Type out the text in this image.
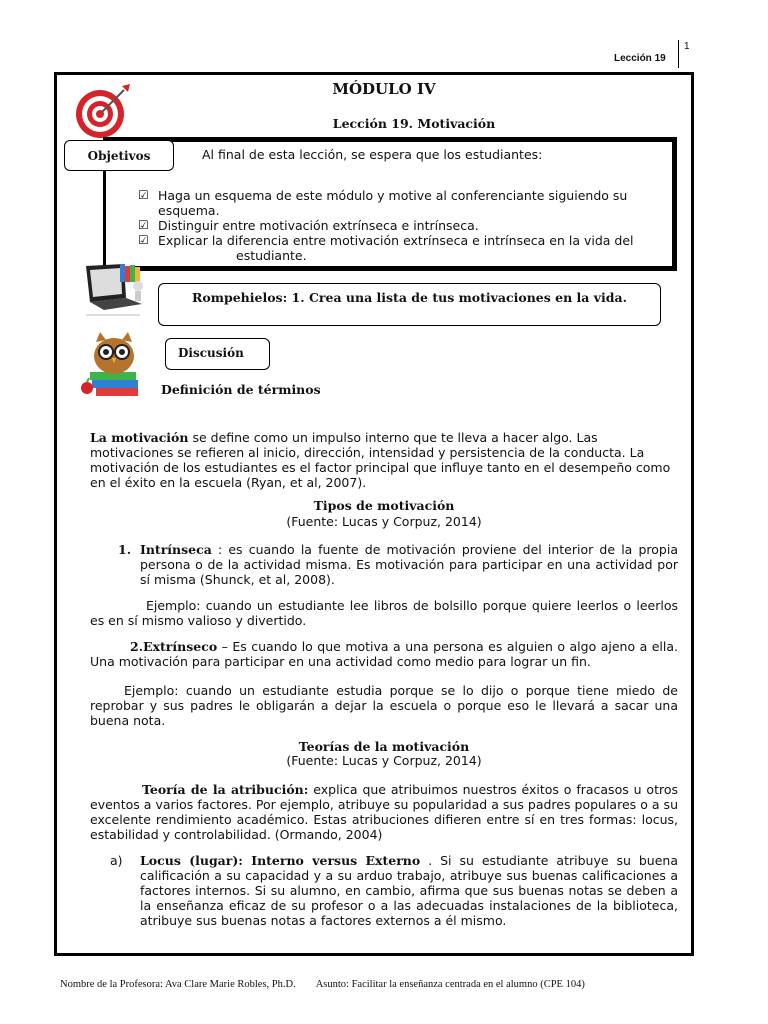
Lección 19
1
MÓDULO IV
Lección 19. Motivación
Objetivos	Al final de esta lección, se espera que los estudiantes:
☑ Haga un esquema de este módulo y motive al conferenciante siguiendo su
esquema.
☑ Distinguir entre motivación extrínseca e intrínseca.
☑ Explicar la diferencia entre motivación extrínseca e intrínseca en la vida del
estudiante.
Rompehielos: 1. Crea una lista de tus motivaciones en la vida.
Discusión
Definición de términos
La motivación se define como un impulso interno que te lleva a hacer algo. Las motivaciones se refieren al inicio, dirección, intensidad y persistencia de la conducta. La motivación de los estudiantes es el factor principal que influye tanto en el desempeño como en el éxito en la escuela (Ryan, et al, 2007).
Tipos de motivación
(Fuente: Lucas y Corpuz, 2014)
1. Intrínseca : es cuando la fuente de motivación proviene del interior de la propia persona o de la actividad misma. Es motivación para participar en una actividad por sí misma (Shunck, et al, 2008).
Ejemplo: cuando un estudiante lee libros de bolsillo porque quiere leerlos o leerlos es en sí mismo valioso y divertido.
2.Extrínseco – Es cuando lo que motiva a una persona es alguien o algo ajeno a ella. Una motivación para participar en una actividad como medio para lograr un fin.
Ejemplo: cuando un estudiante estudia porque se lo dijo o porque tiene miedo de reprobar y sus padres le obligarán a dejar la escuela o porque eso le llevará a sacar una buena nota.
Teorías de la motivación
(Fuente: Lucas y Corpuz, 2014)
Teoría de la atribución: explica que atribuimos nuestros éxitos o fracasos u otros eventos a varios factores. Por ejemplo, atribuye su popularidad a sus padres populares o a su excelente rendimiento académico. Estas atribuciones difieren entre sí en tres formas: locus, estabilidad y controlabilidad. (Ormando, 2004)
a)	Locus (lugar): Interno versus Externo . Si su estudiante atribuye su buena calificación a su capacidad y a su arduo trabajo, atribuye sus buenas calificaciones a factores internos. Si su alumno, en cambio, afirma que sus buenas notas se deben a la enseñanza eficaz de su profesor o a las adecuadas instalaciones de la biblioteca, atribuye sus buenas notas a factores externos a él mismo.
Nombre de la Profesora: Ava Clare Marie Robles, Ph.D. Asunto: Facilitar la enseñanza centrada en el alumno (CPE 104)
